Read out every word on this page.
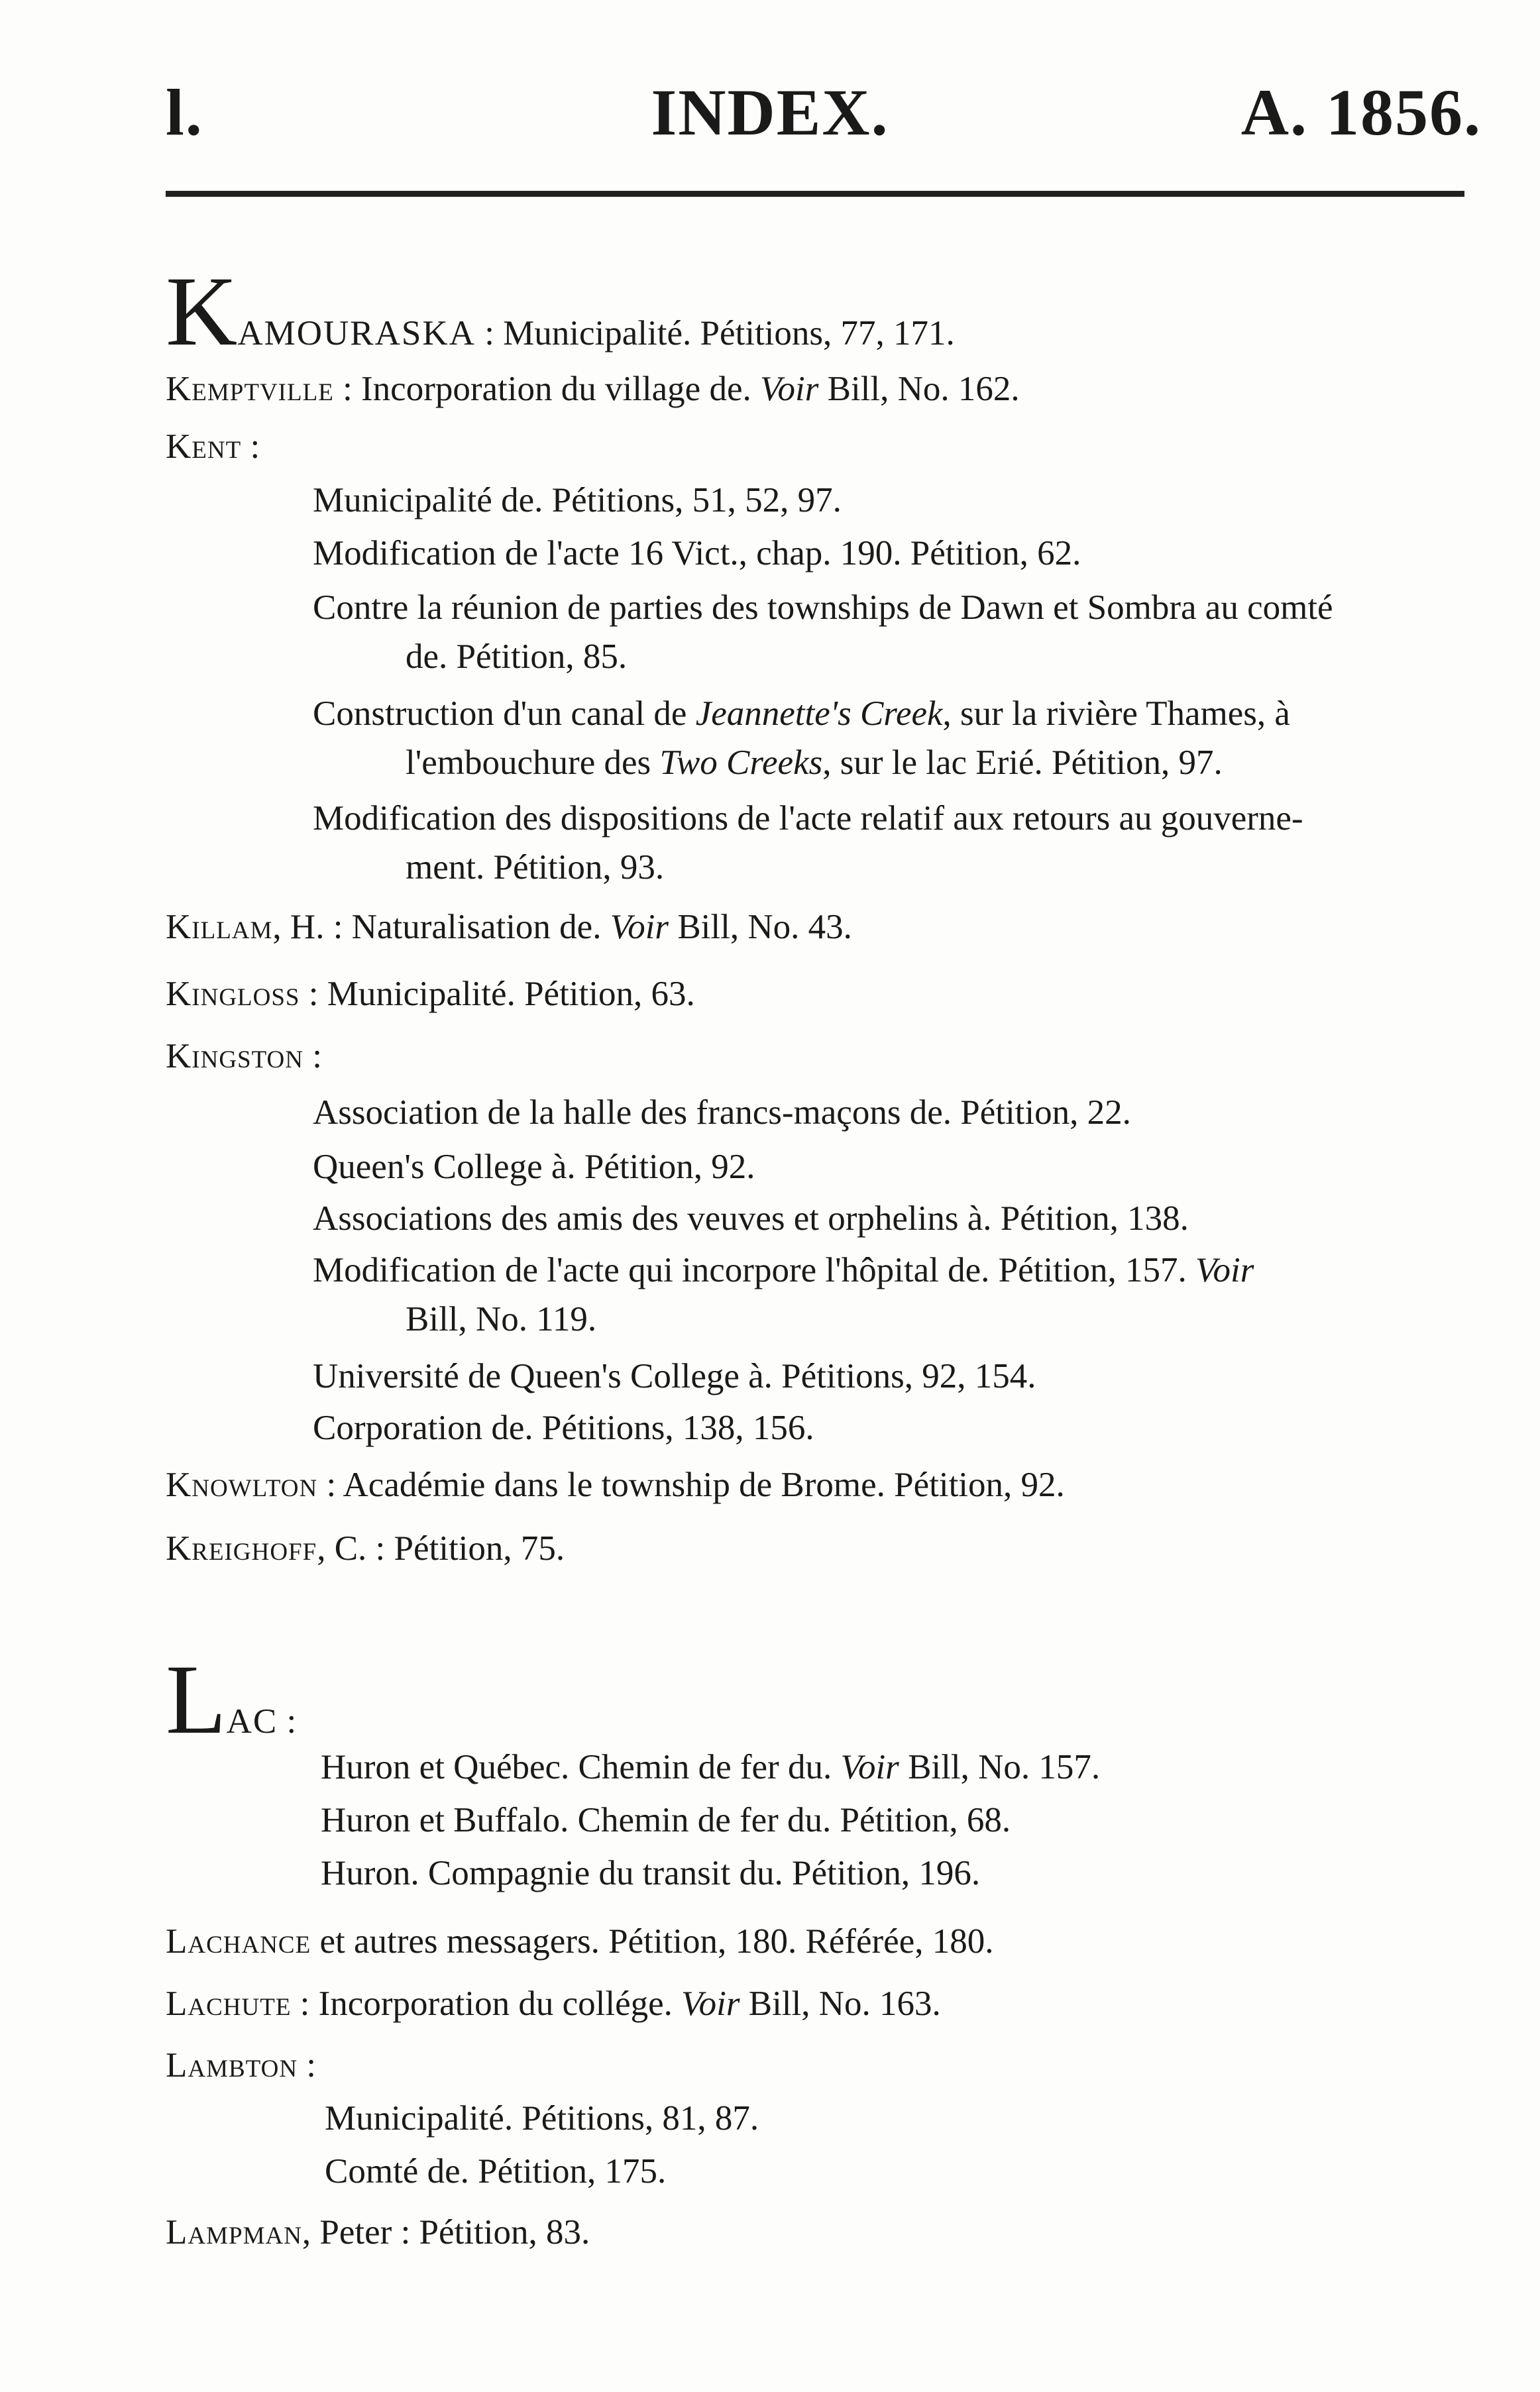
l.	INDEX.	A. 1856.
KAMOURASKA : Municipalité. Pétitions, 77, 171.
Kemptville : Incorporation du village de. Voir Bill, No. 162.
Kent :
Municipalité de. Pétitions, 51, 52, 97.
Modification de l'acte 16 Vict., chap. 190. Pétition, 62.
Contre la réunion de parties des townships de Dawn et Sombra au comté
de. Pétition, 85.
Construction d'un canal de Jeannette's Creek, sur la rivière Thames, à
l'embouchure des Two Creeks, sur le lac Erié. Pétition, 97.
Modification des dispositions de l'acte relatif aux retours au gouverne-
ment. Pétition, 93.
Killam, H. : Naturalisation de. Voir Bill, No. 43.
Kingloss : Municipalité. Pétition, 63.
Kingston :
Association de la halle des francs-maçons de. Pétition, 22.
Queen's College à. Pétition, 92.
Associations des amis des veuves et orphelins à. Pétition, 138.
Modification de l'acte qui incorpore l'hôpital de. Pétition, 157. Voir
Bill, No. 119.
Université de Queen's College à. Pétitions, 92, 154.
Corporation de. Pétitions, 138, 156.
Knowlton : Académie dans le township de Brome. Pétition, 92.
Kreighoff, C. : Pétition, 75.
LAC :
Huron et Québec. Chemin de fer du. Voir Bill, No. 157.
Huron et Buffalo. Chemin de fer du. Pétition, 68.
Huron. Compagnie du transit du. Pétition, 196.
Lachance et autres messagers. Pétition, 180. Référée, 180.
Lachute : Incorporation du collége. Voir Bill, No. 163.
Lambton :
Municipalité. Pétitions, 81, 87.
Comté de. Pétition, 175.
Lampman, Peter : Pétition, 83.
